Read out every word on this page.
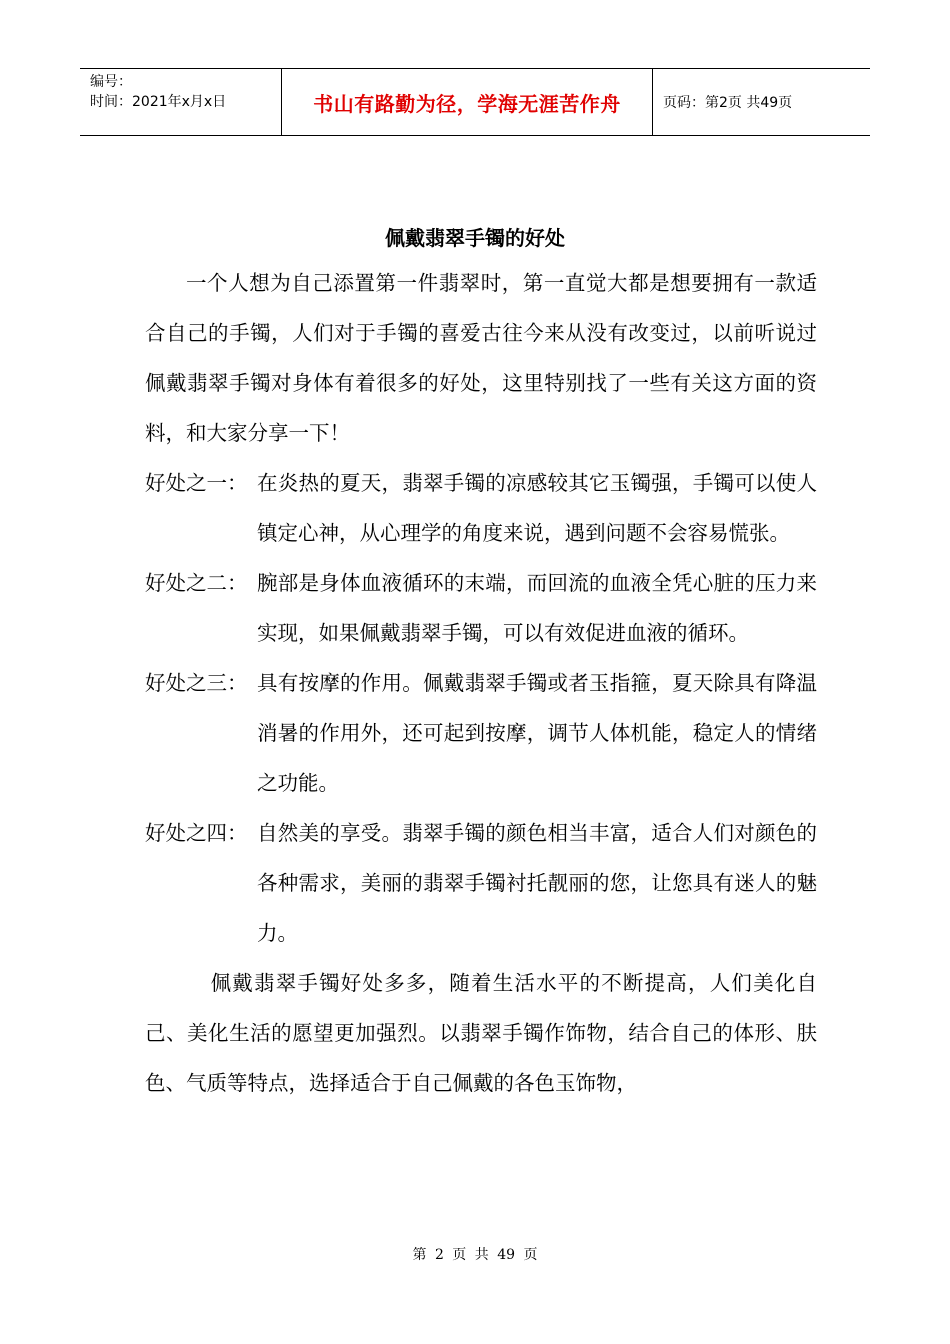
编号：
时间：2021年x月x日	书山有路勤为径，学海无涯苦作舟	页码：第2页 共49页
佩戴翡翠手镯的好处

一个人想为自己添置第一件翡翠时，第一直觉大都是想要拥有一款适合自己的手镯，人们对于手镯的喜爱古往今来从没有改变过，以前听说过佩戴翡翠手镯对身体有着很多的好处，这里特别找了一些有关这方面的资料，和大家分享一下！

好处之一： 在炎热的夏天，翡翠手镯的凉感较其它玉镯强，手镯可以使人镇定心神，从心理学的角度来说，遇到问题不会容易慌张。
好处之二： 腕部是身体血液循环的末端，而回流的血液全凭心脏的压力来实现，如果佩戴翡翠手镯，可以有效促进血液的循环。
好处之三： 具有按摩的作用。佩戴翡翠手镯或者玉指箍，夏天除具有降温消暑的作用外，还可起到按摩，调节人体机能，稳定人的情绪之功能。
好处之四： 自然美的享受。翡翠手镯的颜色相当丰富，适合人们对颜色的各种需求，美丽的翡翠手镯衬托靓丽的您，让您具有迷人的魅力。

佩戴翡翠手镯好处多多，随着生活水平的不断提高，人们美化自己、美化生活的愿望更加强烈。以翡翠手镯作饰物，结合自己的体形、肤色、气质等特点，选择适合于自己佩戴的各色玉饰物，

第 2 页 共 49 页
